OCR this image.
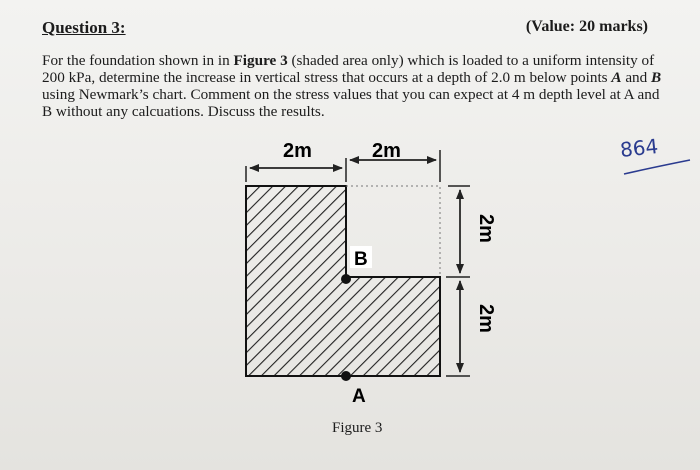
Question 3:	(Value: 20 marks)
For the foundation shown in in Figure 3 (shaded area only) which is loaded to a uniform intensity of 200 kPa, determine the increase in vertical stress that occurs at a depth of 2.0 m below points A and B using Newmark’s chart. Comment on the stress values that you can expect at 4 m depth level at A and B without any calcuations. Discuss the results.
2m	2m
2m
2m
B
A
Figure 3
864
